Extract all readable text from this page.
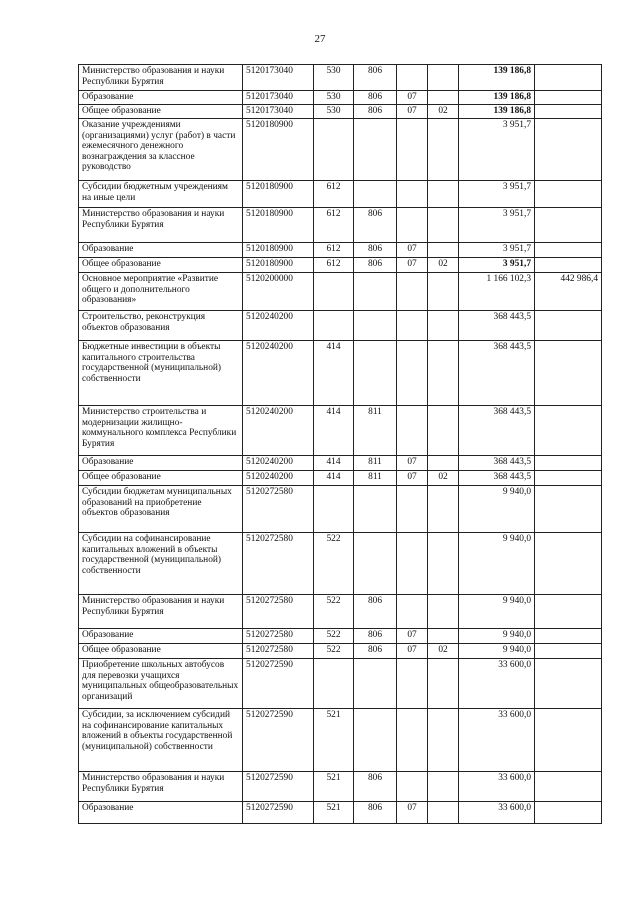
27
Министерство образования и науки Республики Бурятия	5120173040	530	806			139 186,8	
Образование	5120173040	530	806	07		139 186,8	
Общее образование	5120173040	530	806	07	02	139 186,8	
Оказание учреждениями (организациями) услуг (работ) в части ежемесячного денежного вознаграждения за классное руководство	5120180900					3 951,7	
Субсидии бюджетным учреждениям на иные цели	5120180900	612				3 951,7	
Министерство образования и науки Республики Бурятия	5120180900	612	806			3 951,7	
Образование	5120180900	612	806	07		3 951,7	
Общее образование	5120180900	612	806	07	02	3 951,7	
Основное мероприятие «Развитие общего и дополнительного образования»	5120200000					1 166 102,3	442 986,4
Строительство, реконструкция объектов образования	5120240200					368 443,5	
Бюджетные инвестиции в объекты капитального строительства государственной (муниципальной) собственности	5120240200	414				368 443,5	
Министерство строительства и модернизации жилищно-коммунального комплекса Республики Бурятия	5120240200	414	811			368 443,5	
Образование	5120240200	414	811	07		368 443,5	
Общее образование	5120240200	414	811	07	02	368 443,5	
Субсидии бюджетам муниципальных образований на приобретение объектов образования	5120272580					9 940,0	
Субсидии на софинансирование капитальных вложений в объекты государственной (муниципальной) собственности	5120272580	522				9 940,0	
Министерство образования и науки Республики Бурятия	5120272580	522	806			9 940,0	
Образование	5120272580	522	806	07		9 940,0	
Общее образование	5120272580	522	806	07	02	9 940,0	
Приобретение школьных автобусов для перевозки учащихся муниципальных общеобразовательных организаций	5120272590					33 600,0	
Субсидии, за исключением субсидий на софинансирование капитальных вложений в объекты государственной (муниципальной) собственности	5120272590	521				33 600,0	
Министерство образования и науки Республики Бурятия	5120272590	521	806			33 600,0	
Образование	5120272590	521	806	07		33 600,0	
